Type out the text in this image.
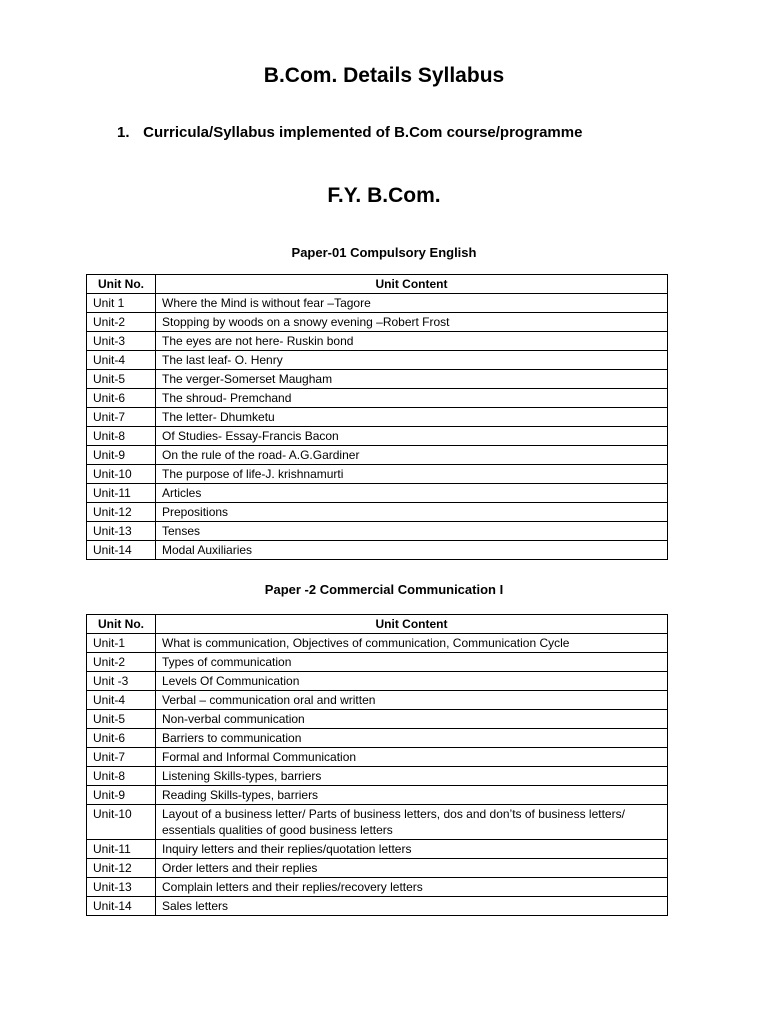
B.Com. Details Syllabus

1. Curricula/Syllabus implemented of B.Com course/programme

F.Y. B.Com.

Paper-01 Compulsory English

Unit No.	Unit Content
Unit 1	Where the Mind is without fear –Tagore
Unit-2	Stopping by woods on a snowy evening –Robert Frost
Unit-3	The eyes are not here- Ruskin bond
Unit-4	The last leaf- O. Henry
Unit-5	The verger-Somerset Maugham
Unit-6	The shroud- Premchand
Unit-7	The letter- Dhumketu
Unit-8	Of Studies- Essay-Francis Bacon
Unit-9	On the rule of the road- A.G.Gardiner
Unit-10	The purpose of life-J. krishnamurti
Unit-11	Articles
Unit-12	Prepositions
Unit-13	Tenses
Unit-14	Modal Auxiliaries

Paper -2 Commercial Communication I

Unit No.	Unit Content
Unit-1	What is communication, Objectives of communication, Communication Cycle
Unit-2	Types of communication
Unit -3	Levels Of Communication
Unit-4	Verbal – communication oral and written
Unit-5	Non-verbal communication
Unit-6	Barriers to communication
Unit-7	Formal and Informal Communication
Unit-8	Listening Skills-types, barriers
Unit-9	Reading Skills-types, barriers
Unit-10	Layout of a business letter/ Parts of business letters, dos and don’ts of business letters/ essentials qualities of good business letters
Unit-11	Inquiry letters and their replies/quotation letters
Unit-12	Order letters and their replies
Unit-13	Complain letters and their replies/recovery letters
Unit-14	Sales letters
